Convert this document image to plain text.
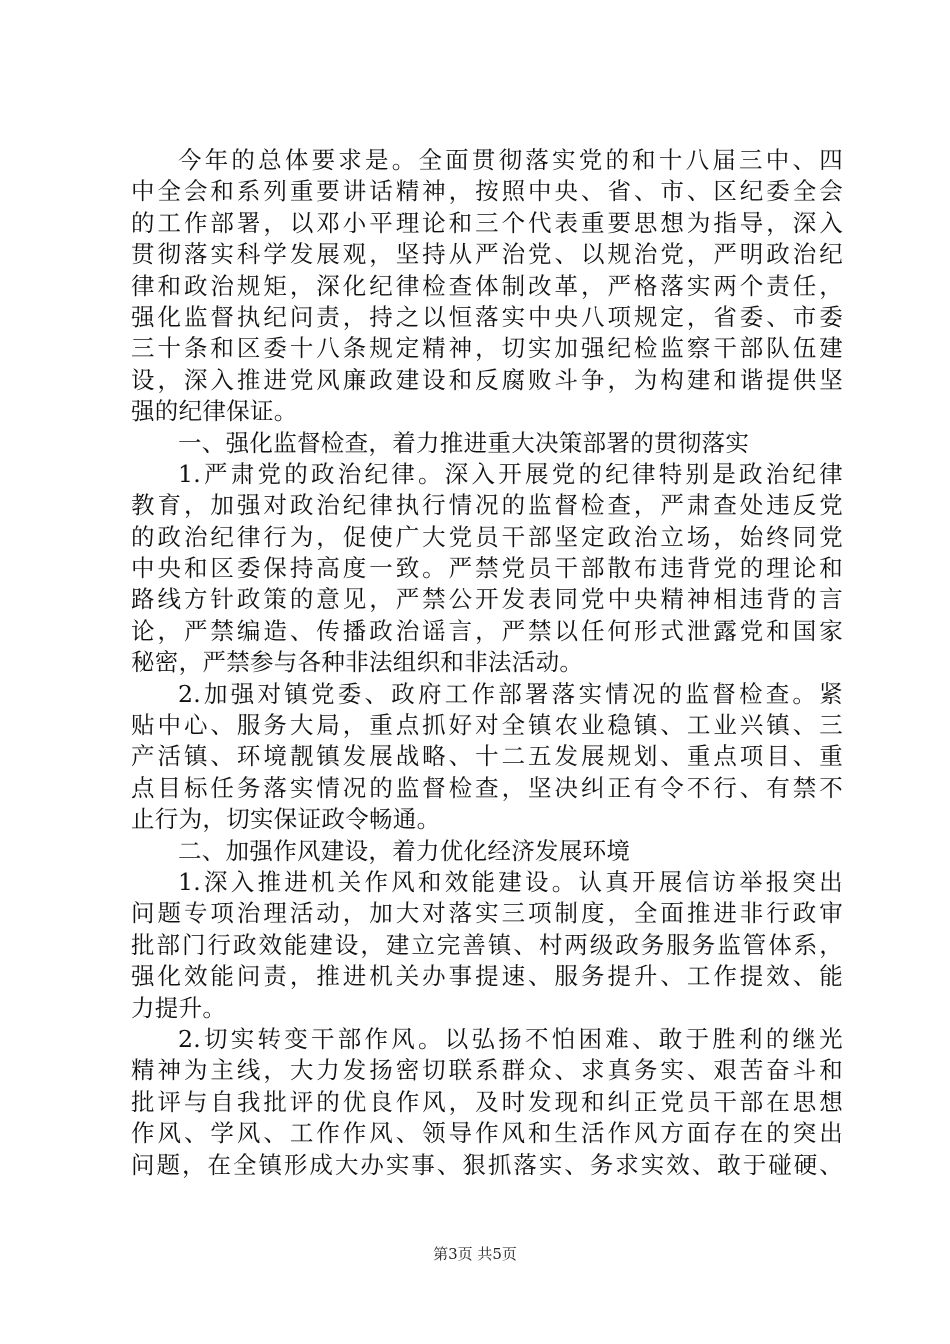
今年的总体要求是。全面贯彻落实党的和十八届三中、四
中全会和系列重要讲话精神，按照中央、省、市、区纪委全会
的工作部署，以邓小平理论和三个代表重要思想为指导，深入
贯彻落实科学发展观，坚持从严治党、以规治党，严明政治纪
律和政治规矩，深化纪律检查体制改革，严格落实两个责任，
强化监督执纪问责，持之以恒落实中央八项规定，省委、市委
三十条和区委十八条规定精神，切实加强纪检监察干部队伍建
设，深入推进党风廉政建设和反腐败斗争，为构建和谐提供坚
强的纪律保证。
一、强化监督检查，着力推进重大决策部署的贯彻落实
1.严肃党的政治纪律。深入开展党的纪律特别是政治纪律
教育，加强对政治纪律执行情况的监督检查，严肃查处违反党
的政治纪律行为，促使广大党员干部坚定政治立场，始终同党
中央和区委保持高度一致。严禁党员干部散布违背党的理论和
路线方针政策的意见，严禁公开发表同党中央精神相违背的言
论，严禁编造、传播政治谣言，严禁以任何形式泄露党和国家
秘密，严禁参与各种非法组织和非法活动。
2.加强对镇党委、政府工作部署落实情况的监督检查。紧
贴中心、服务大局，重点抓好对全镇农业稳镇、工业兴镇、三
产活镇、环境靓镇发展战略、十二五发展规划、重点项目、重
点目标任务落实情况的监督检查，坚决纠正有令不行、有禁不
止行为，切实保证政令畅通。
二、加强作风建设，着力优化经济发展环境
1.深入推进机关作风和效能建设。认真开展信访举报突出
问题专项治理活动，加大对落实三项制度，全面推进非行政审
批部门行政效能建设，建立完善镇、村两级政务服务监管体系，
强化效能问责，推进机关办事提速、服务提升、工作提效、能
力提升。
2.切实转变干部作风。以弘扬不怕困难、敢于胜利的继光
精神为主线，大力发扬密切联系群众、求真务实、艰苦奋斗和
批评与自我批评的优良作风，及时发现和纠正党员干部在思想
作风、学风、工作作风、领导作风和生活作风方面存在的突出
问题，在全镇形成大办实事、狠抓落实、务求实效、敢于碰硬、
第3页 共5页
